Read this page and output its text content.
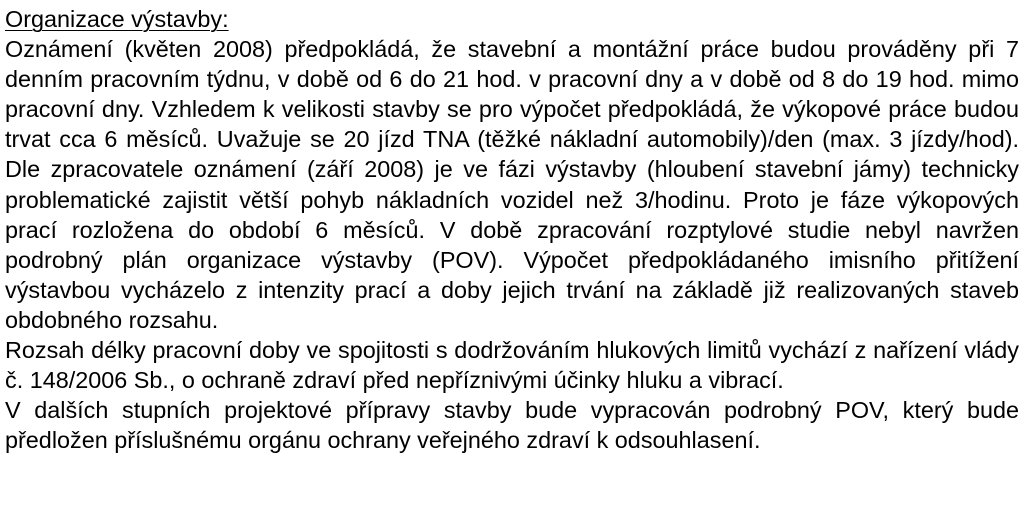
Organizace výstavby:

Oznámení (květen 2008) předpokládá, že stavební a montážní práce budou prováděny při 7 denním pracovním týdnu, v době od 6 do 21 hod. v pracovní dny a v době od 8 do 19 hod. mimo pracovní dny. Vzhledem k velikosti stavby se pro výpočet předpokládá, že výkopové práce budou trvat cca 6 měsíců. Uvažuje se 20 jízd TNA (těžké nákladní automobily)/den (max. 3 jízdy/hod). Dle zpracovatele oznámení (září 2008) je ve fázi výstavby (hloubení stavební jámy) technicky problematické zajistit větší pohyb nákladních vozidel než 3/hodinu. Proto je fáze výkopových prací rozložena do období 6 měsíců. V době zpracování rozptylové studie nebyl navržen podrobný plán organizace výstavby (POV). Výpočet předpokládaného imisního přitížení výstavbou vycházelo z intenzity prací a doby jejich trvání na základě již realizovaných staveb obdobného rozsahu.

Rozsah délky pracovní doby ve spojitosti s dodržováním hlukových limitů vychází z nařízení vlády č. 148/2006 Sb., o ochraně zdraví před nepříznivými účinky hluku a vibrací.

V dalších stupních projektové přípravy stavby bude vypracován podrobný POV, který bude předložen příslušnému orgánu ochrany veřejného zdraví k odsouhlasení.
